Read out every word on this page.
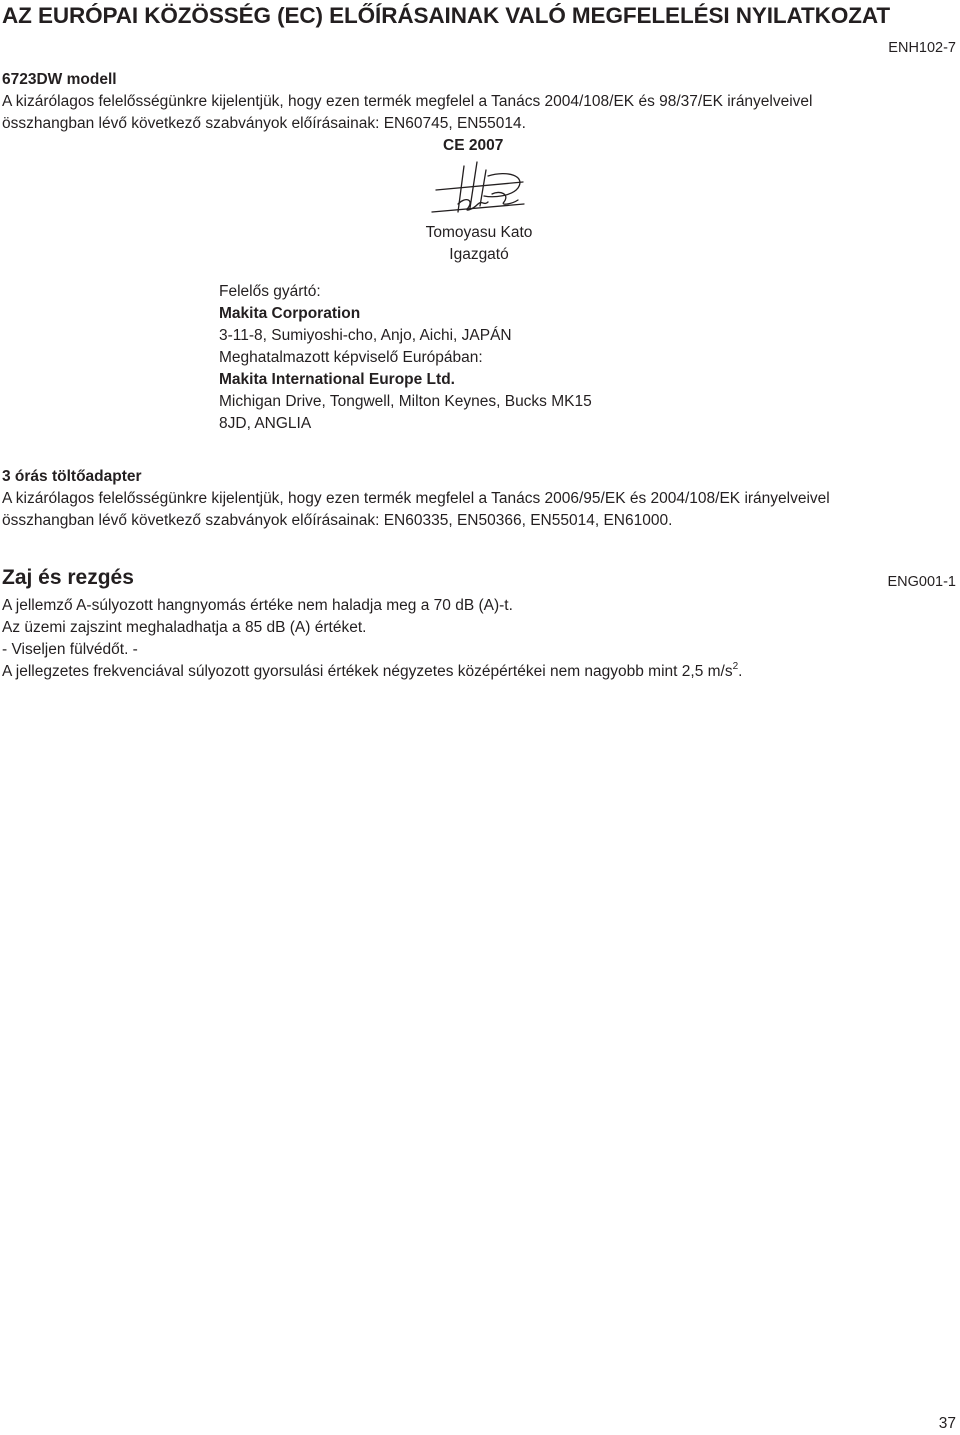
AZ EURÓPAI KÖZÖSSÉG (EC) ELŐÍRÁSAINAK VALÓ MEGFELELÉSI NYILATKOZAT
ENH102-7
6723DW modell
A kizárólagos felelősségünkre kijelentjük, hogy ezen termék megfelel a Tanács 2004/108/EK és 98/37/EK irányelveivel
összhangban lévő következő szabványok előírásainak: EN60745, EN55014.
CE 2007
Tomoyasu Kato
Igazgató
Felelős gyártó:
Makita Corporation
3-11-8, Sumiyoshi-cho, Anjo, Aichi, JAPÁN
Meghatalmazott képviselő Európában:
Makita International Europe Ltd.
Michigan Drive, Tongwell, Milton Keynes, Bucks MK15
8JD, ANGLIA
3 órás töltőadapter
A kizárólagos felelősségünkre kijelentjük, hogy ezen termék megfelel a Tanács 2006/95/EK és 2004/108/EK irányelveivel
összhangban lévő következő szabványok előírásainak: EN60335, EN50366, EN55014, EN61000.
Zaj és rezgés	ENG001-1
A jellemző A-súlyozott hangnyomás értéke nem haladja meg a 70 dB (A)-t.
Az üzemi zajszint meghaladhatja a 85 dB (A) értéket.
- Viseljen fülvédőt. -
A jellegzetes frekvenciával súlyozott gyorsulási értékek négyzetes középértékei nem nagyobb mint 2,5 $m/s^2$.
37
